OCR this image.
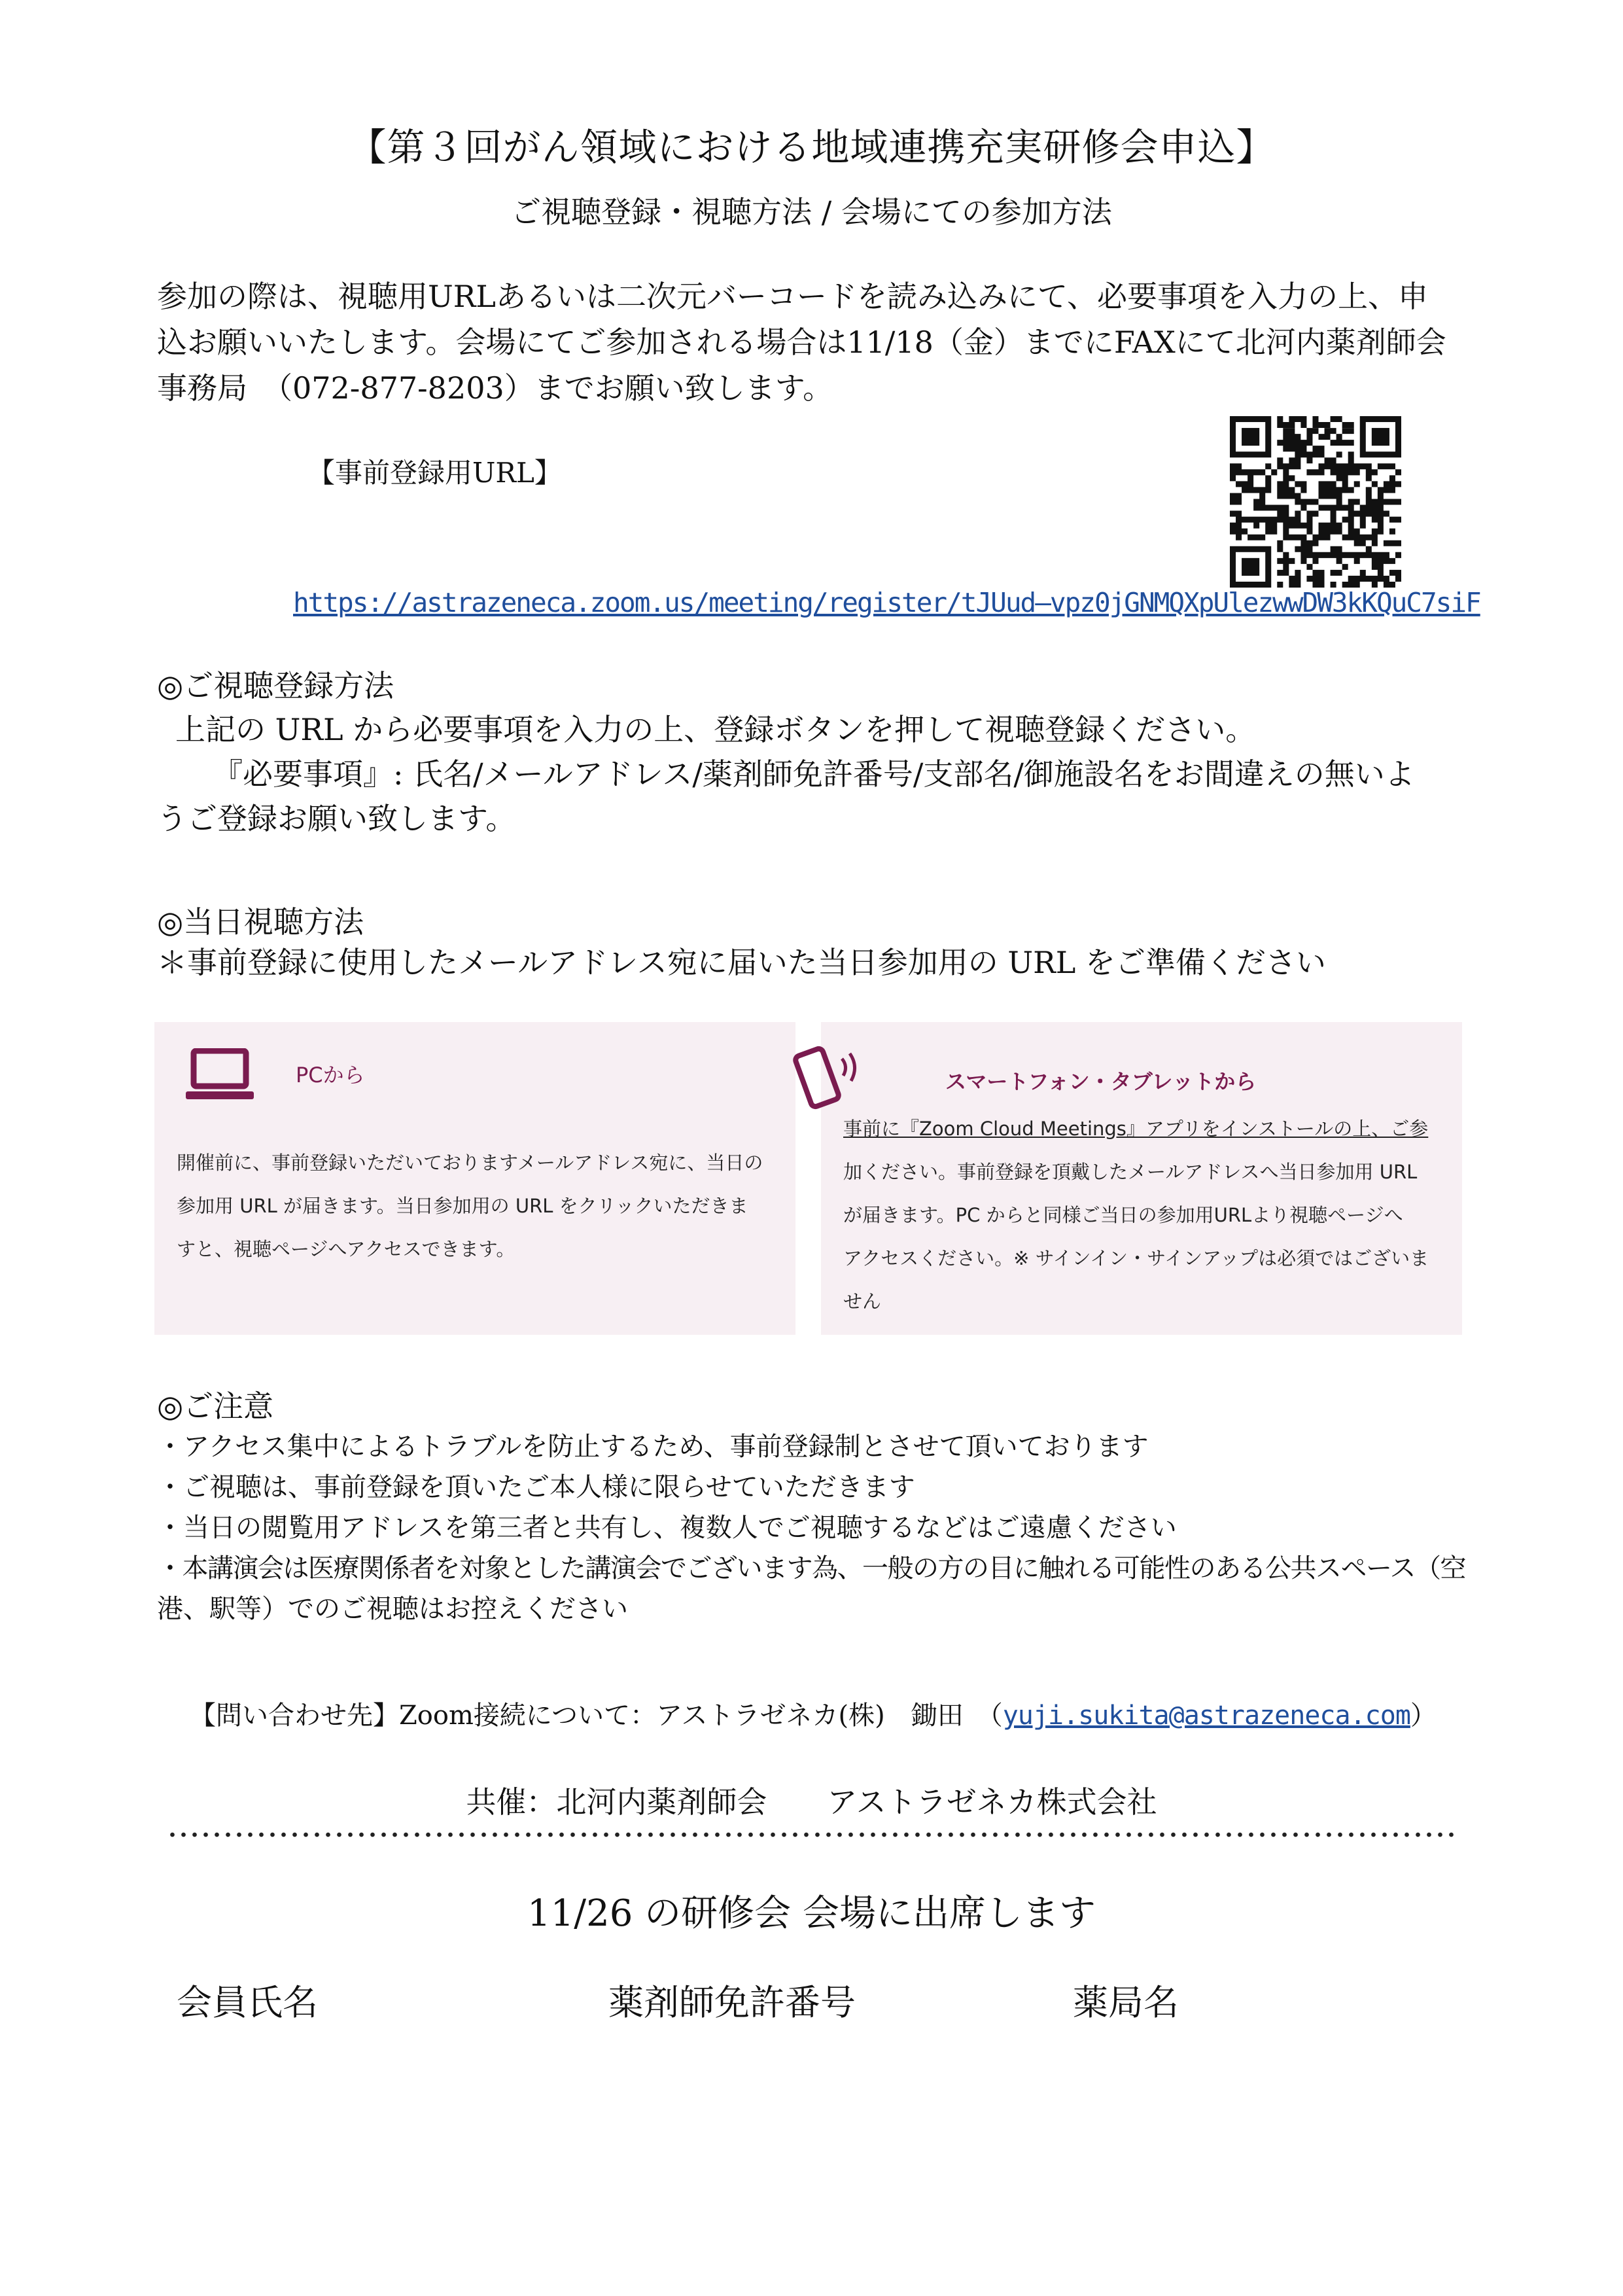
【第３回がん領域における地域連携充実研修会申込】
ご視聴登録・視聴方法 / 会場にての参加方法

参加の際は、視聴用URLあるいは二次元バーコードを読み込みにて、必要事項を入力の上、申

込お願いいたします。会場にてご参加される場合は11/18（金）までにFAXにて北河内薬剤師会

事務局　（072-877-8203）までお願い致します。

【事前登録用URL】
https://astrazeneca.zoom.us/meeting/register/tJUud—vpz0jGNMQXpUlezwwDW3kKQuC7siF
◎ご視聴登録方法
上記の URL から必要事項を入力の上、登録ボタンを押して視聴登録ください。
『必要事項』: 氏名/メールアドレス/薬剤師免許番号/支部名/御施設名をお間違えの無いよ
うご登録お願い致します。
◎当日視聴方法
＊事前登録に使用したメールアドレス宛に届いた当日参加用の URL をご準備ください
PCから
開催前に、事前登録いただいておりますメールアドレス宛に、当日の
参加用 URL が届きます。当日参加用の URL をクリックいただきま
すと、視聴ページへアクセスできます。
スマートフォン・タブレットから
事前に『Zoom Cloud Meetings』アプリをインストールの上、ご参
加ください。事前登録を頂戴したメールアドレスへ当日参加用 URL
が届きます。PC からと同様ご当日の参加用URLより視聴ページへ
アクセスください。※ サインイン・サインアップは必須ではございま
せん
◎ご注意
・アクセス集中によるトラブルを防止するため、事前登録制とさせて頂いております
・ご視聴は、事前登録を頂いたご本人様に限らせていただきます
・当日の閲覧用アドレスを第三者と共有し、複数人でご視聴するなどはご遠慮ください
・本講演会は医療関係者を対象とした講演会でございます為、一般の方の目に触れる可能性のある公共スペース（空
港、駅等）でのご視聴はお控えください
【問い合わせ先】Zoom接続について：アストラゼネカ(株)　鋤田　（yuji.sukita@astrazeneca.com）
共催：北河内薬剤師会　　アストラゼネカ株式会社
11/26 の研修会 会場に出席します
会員氏名	薬剤師免許番号	薬局名
